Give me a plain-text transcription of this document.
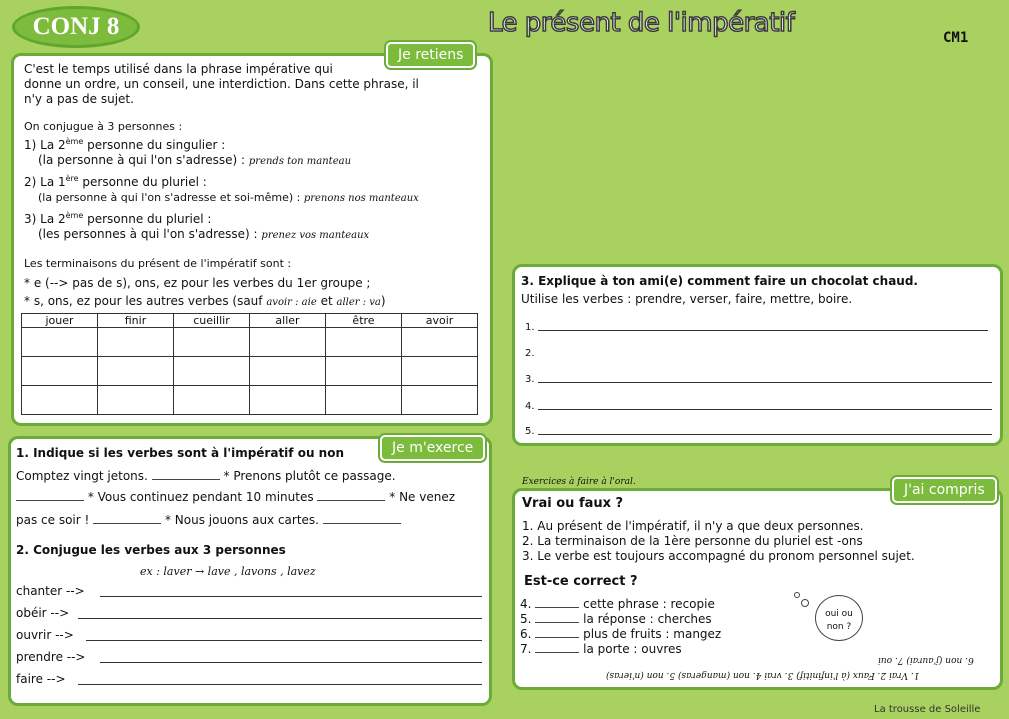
CONJ 8	Le présent de l'impératif	CM1
Je retiens
C'est le temps utilisé dans la phrase impérative qui
donne un ordre, un conseil, une interdiction. Dans cette phrase, il
n'y a pas de sujet.
On conjugue à 3 personnes :
1) La 2ème personne du singulier :
(la personne à qui l'on s'adresse) : prends ton manteau
2) La 1ère personne du pluriel :
(la personne à qui l'on s'adresse et soi-même) : prenons nos manteaux
3) La 2ème personne du pluriel :
(les personnes à qui l'on s'adresse) : prenez vos manteaux
Les terminaisons du présent de l'impératif sont :
* e (--> pas de s), ons, ez pour les verbes du 1er groupe ;
* s, ons, ez pour les autres verbes (sauf avoir : aie et aller : va)
jouer	finir	cueillir	aller	être	avoir

Je m'exerce
1. Indique si les verbes sont à l'impératif ou non
Comptez vingt jetons.	* Prenons plutôt ce passage.
* Vous continuez pendant 10 minutes	* Ne venez
pas ce soir !	* Nous jouons aux cartes.
2. Conjugue les verbes aux 3 personnes
ex : laver → lave , lavons , lavez
chanter -->
obéir -->
ouvrir -->
prendre -->
faire -->
3. Explique à ton ami(e) comment faire un chocolat chaud.
Utilise les verbes : prendre, verser, faire, mettre, boire.
1.
2.
3.
4.
5.
Exercices à faire à l'oral.	J'ai compris
Vrai ou faux ?
1. Au présent de l'impératif, il n'y a que deux personnes.
2. La terminaison de la 1ère personne du pluriel est -ons
3. Le verbe est toujours accompagné du pronom personnel sujet.
Est-ce correct ?
4.	cette phrase : recopie
5.	la réponse : cherches
6.	plus de fruits : mangez
7.	la porte : ouvres
oui ou
non ?
6. non (j'aurai) 7. oui
1. Vrai 2. Faux (à l'infinitif) 3. vrai 4. non (mangeras) 5. non (n'ieras)
La trousse de Soleille
